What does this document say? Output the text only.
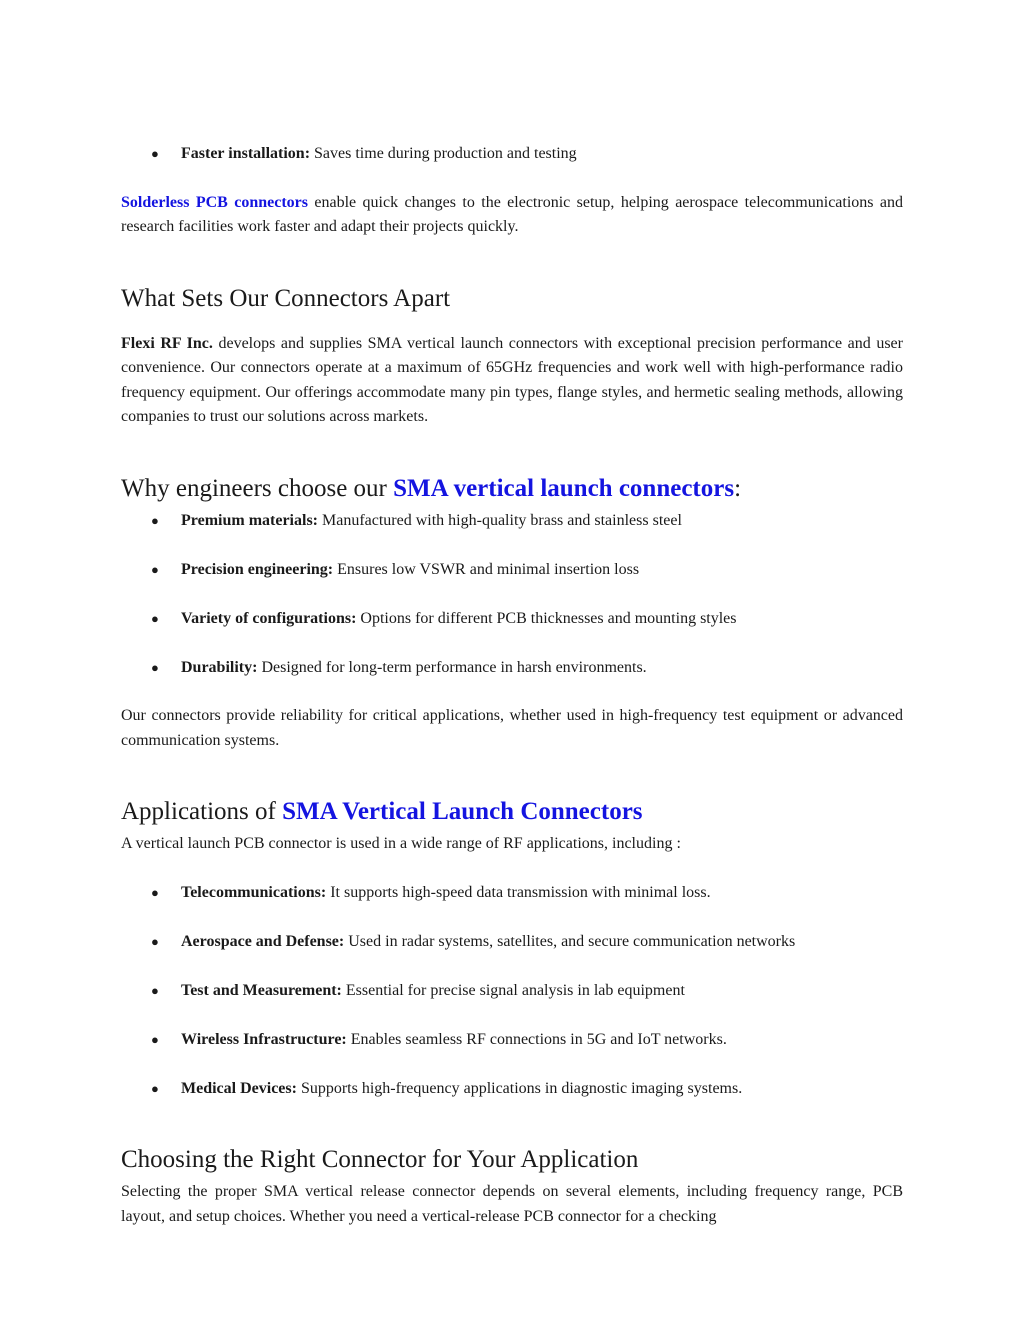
● Faster installation: Saves time during production and testing

Solderless PCB connectors enable quick changes to the electronic setup, helping aerospace telecommunications and research facilities work faster and adapt their projects quickly.

What Sets Our Connectors Apart

Flexi RF Inc. develops and supplies SMA vertical launch connectors with exceptional precision performance and user convenience. Our connectors operate at a maximum of 65GHz frequencies and work well with high-performance radio frequency equipment. Our offerings accommodate many pin types, flange styles, and hermetic sealing methods, allowing companies to trust our solutions across markets.

Why engineers choose our SMA vertical launch connectors:
● Premium materials: Manufactured with high-quality brass and stainless steel
● Precision engineering: Ensures low VSWR and minimal insertion loss
● Variety of configurations: Options for different PCB thicknesses and mounting styles
● Durability: Designed for long-term performance in harsh environments.

Our connectors provide reliability for critical applications, whether used in high-frequency test equipment or advanced communication systems.

Applications of SMA Vertical Launch Connectors

A vertical launch PCB connector is used in a wide range of RF applications, including :

● Telecommunications: It supports high-speed data transmission with minimal loss.
● Aerospace and Defense: Used in radar systems, satellites, and secure communication networks
● Test and Measurement: Essential for precise signal analysis in lab equipment
● Wireless Infrastructure: Enables seamless RF connections in 5G and IoT networks.
● Medical Devices: Supports high-frequency applications in diagnostic imaging systems.
Choosing the Right Connector for Your Application

Selecting the proper SMA vertical release connector depends on several elements, including frequency range, PCB layout, and setup choices. Whether you need a vertical-release PCB connector for a checking
